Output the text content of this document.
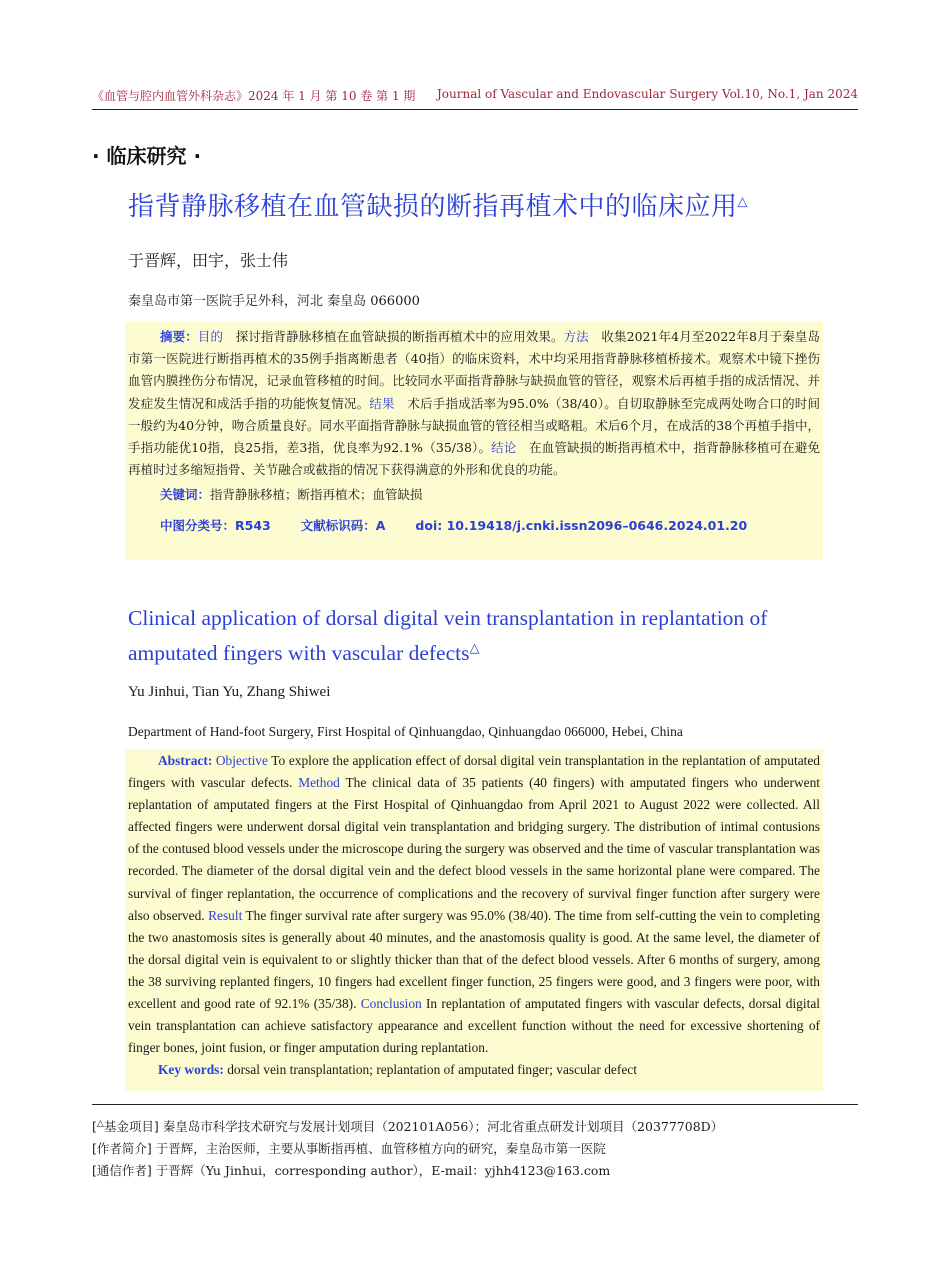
《血管与腔内血管外科杂志》2024 年 1 月 第 10 卷 第 1 期 Journal of Vascular and Endovascular Surgery Vol.10, No.1, Jan 2024
· 临床研究 ·
指背静脉移植在血管缺损的断指再植术中的临床应用△
于晋辉，田宇，张士伟
秦皇岛市第一医院手足外科，河北 秦皇岛 066000

摘要：目的　探讨指背静脉移植在血管缺损的断指再植术中的应用效果。方法　收集2021年4月至2022年8月于秦皇岛市第一医院进行断指再植术的35例手指离断患者（40指）的临床资料，术中均采用指背静脉移植桥接术。观察术中镜下挫伤血管内膜挫伤分布情况，记录血管移植的时间。比较同水平面指背静脉与缺损血管的管径，观察术后再植手指的成活情况、并发症发生情况和成活手指的功能恢复情况。结果　术后手指成活率为95.0%（38/40）。自切取静脉至完成两处吻合口的时间一般约为40分钟，吻合质量良好。同水平面指背静脉与缺损血管的管径相当或略粗。术后6个月，在成活的38个再植手指中，手指功能优10指，良25指，差3指，优良率为92.1%（35/38）。结论　在血管缺损的断指再植术中，指背静脉移植可在避免再植时过多缩短指骨、关节融合或截指的情况下获得满意的外形和优良的功能。

关键词：指背静脉移植；断指再植术；血管缺损

中图分类号：R543 文献标识码：A doi: 10.19418/j.cnki.issn2096–0646.2024.01.20

Clinical application of dorsal digital vein transplantation in replantation of amputated fingers with vascular defects△
Yu Jinhui, Tian Yu, Zhang Shiwei
Department of Hand-foot Surgery, First Hospital of Qinhuangdao, Qinhuangdao 066000, Hebei, China

Abstract: Objective To explore the application effect of dorsal digital vein transplantation in the replantation of amputated fingers with vascular defects. Method The clinical data of 35 patients (40 fingers) with amputated fingers who underwent replantation of amputated fingers at the First Hospital of Qinhuangdao from April 2021 to August 2022 were collected. All affected fingers were underwent dorsal digital vein transplantation and bridging surgery. The distribution of intimal contusions of the contused blood vessels under the microscope during the surgery was observed and the time of vascular transplantation was recorded. The diameter of the dorsal digital vein and the defect blood vessels in the same horizontal plane were compared. The survival of finger replantation, the occurrence of complications and the recovery of survival finger function after surgery were also observed. Result The finger survival rate after surgery was 95.0% (38/40). The time from self-cutting the vein to completing the two anastomosis sites is generally about 40 minutes, and the anastomosis quality is good. At the same level, the diameter of the dorsal digital vein is equivalent to or slightly thicker than that of the defect blood vessels. After 6 months of surgery, among the 38 surviving replanted fingers, 10 fingers had excellent finger function, 25 fingers were good, and 3 fingers were poor, with excellent and good rate of 92.1% (35/38). Conclusion In replantation of amputated fingers with vascular defects, dorsal digital vein transplantation can achieve satisfactory appearance and excellent function without the need for excessive shortening of finger bones, joint fusion, or finger amputation during replantation.

Key words: dorsal vein transplantation; replantation of amputated finger; vascular defect

[△基金项目] 秦皇岛市科学技术研究与发展计划项目（202101A056）；河北省重点研发计划项目（20377708D）
[作者简介] 于晋辉，主治医师，主要从事断指再植、血管移植方向的研究，秦皇岛市第一医院
[通信作者] 于晋辉（Yu Jinhui，corresponding author），E-mail：yjhh4123@163.com
